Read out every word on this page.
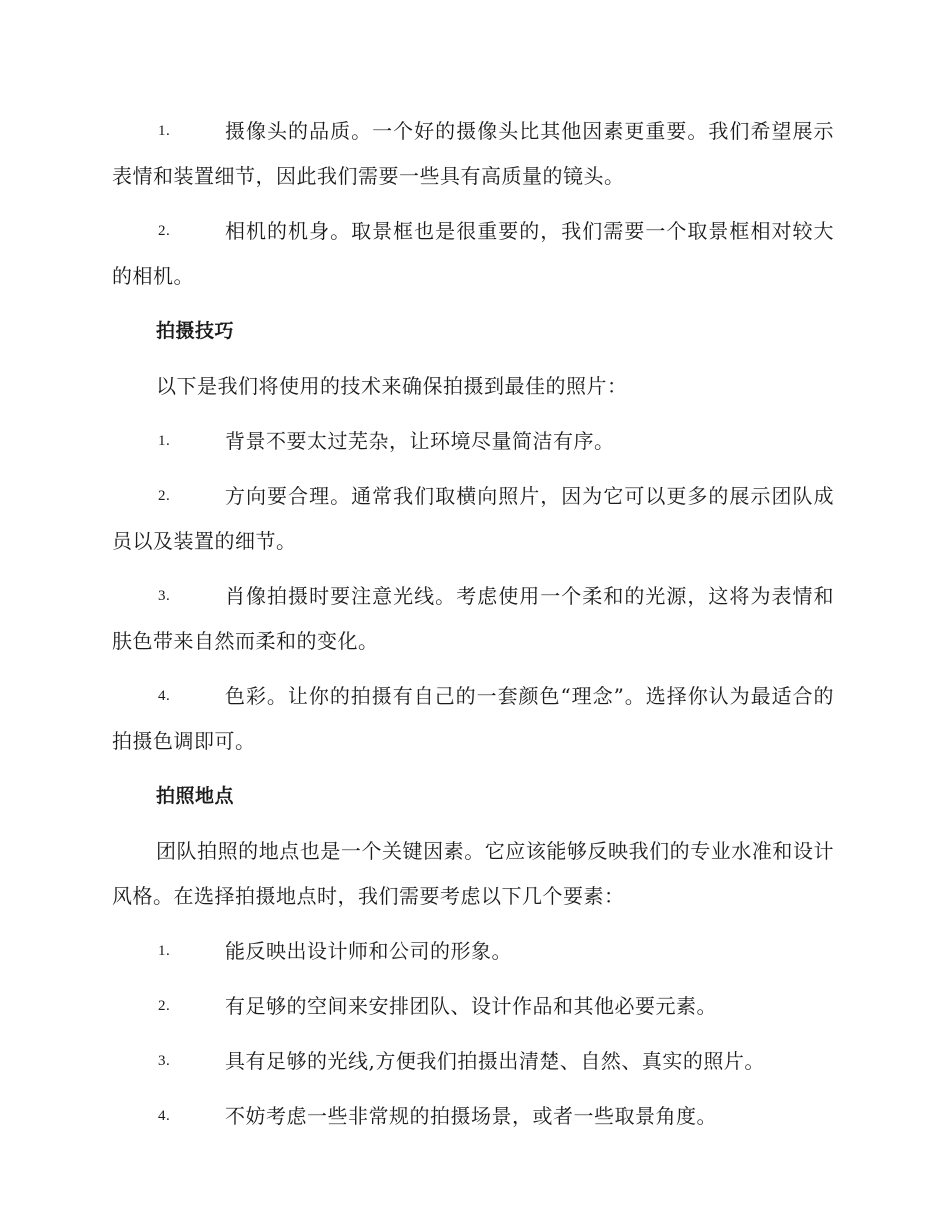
1.	摄像头的品质。一个好的摄像头比其他因素更重要。我们希望展示表情和装置细节，因此我们需要一些具有高质量的镜头。
2.	相机的机身。取景框也是很重要的，我们需要一个取景框相对较大的相机。
拍摄技巧
以下是我们将使用的技术来确保拍摄到最佳的照片：
1.	背景不要太过芜杂，让环境尽量简洁有序。
2.	方向要合理。通常我们取横向照片，因为它可以更多的展示团队成员以及装置的细节。
3.	肖像拍摄时要注意光线。考虑使用一个柔和的光源，这将为表情和肤色带来自然而柔和的变化。
4.	色彩。让你的拍摄有自己的一套颜色“理念”。选择你认为最适合的拍摄色调即可。
拍照地点
团队拍照的地点也是一个关键因素。它应该能够反映我们的专业水准和设计风格。在选择拍摄地点时，我们需要考虑以下几个要素：
1.	能反映出设计师和公司的形象。
2.	有足够的空间来安排团队、设计作品和其他必要元素。
3.	具有足够的光线,方便我们拍摄出清楚、自然、真实的照片。
4.	不妨考虑一些非常规的拍摄场景，或者一些取景角度。
